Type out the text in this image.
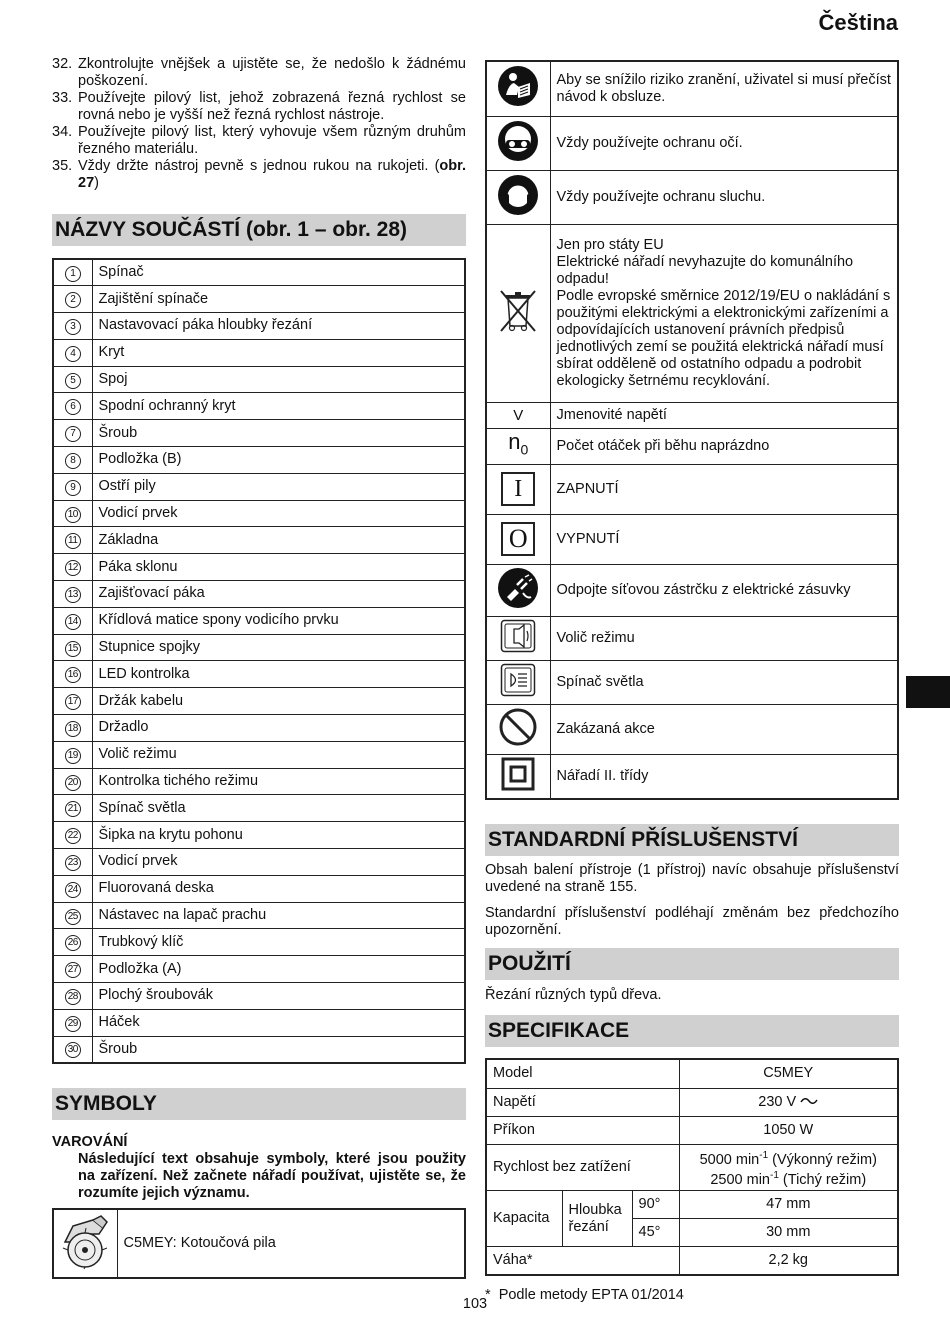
Čeština
32. Zkontrolujte vnějšek a ujistěte se, že nedošlo k žádnému poškození.
33. Používejte pilový list, jehož zobrazená řezná rychlost se rovná nebo je vyšší než řezná rychlost nástroje.
34. Používejte pilový list, který vyhovuje všem různým druhům řezného materiálu.
35. Vždy držte nástroj pevně s jednou rukou na rukojeti. (obr. 27)
NÁZVY SOUČÁSTÍ (obr. 1 – obr. 28)
1	Spínač
2	Zajištění spínače
3	Nastavovací páka hloubky řezání
4	Kryt
5	Spoj
6	Spodní ochranný kryt
7	Šroub
8	Podložka (B)
9	Ostří pily
10	Vodicí prvek
11	Základna
12	Páka sklonu
13	Zajišťovací páka
14	Křídlová matice spony vodicího prvku
15	Stupnice spojky
16	LED kontrolka
17	Držák kabelu
18	Držadlo
19	Volič režimu
20	Kontrolka tichého režimu
21	Spínač světla
22	Šipka na krytu pohonu
23	Vodicí prvek
24	Fluorovaná deska
25	Nástavec na lapač prachu
26	Trubkový klíč
27	Podložka (A)
28	Plochý šroubovák
29	Háček
30	Šroub
SYMBOLY
VAROVÁNÍ
Následující text obsahuje symboly, které jsou použity na zařízení. Než začnete nářadí používat, ujistěte se, že rozumíte jejich významu.
	C5MEY: Kotoučová pila
	Aby se snížilo riziko zranění, uživatel si musí přečíst návod k obsluze.
	Vždy používejte ochranu očí.
	Vždy používejte ochranu sluchu.
	Jen pro státy EU
Elektrické nářadí nevyhazujte do komunálního odpadu!
Podle evropské směrnice 2012/19/EU o nakládání s použitými elektrickými a elektronickými zařízeními a odpovídajících ustanovení právních předpisů jednotlivých zemí se použitá elektrická nářadí musí sbírat odděleně od ostatního odpadu a podrobit ekologicky šetrnému recyklování.
V	Jmenovité napětí
$n_0$	Počet otáček při běhu naprázdno
I	ZAPNUTÍ
O	VYPNUTÍ
	Odpojte síťovou zástrčku z elektrické zásuvky
	Volič režimu
	Spínač světla
	Zakázaná akce
	Nářadí II. třídy
STANDARDNÍ PŘÍSLUŠENSTVÍ

Obsah balení přístroje (1 přístroj) navíc obsahuje příslušenství uvedené na straně 155.

Standardní příslušenství podléhají změnám bez předchozího upozornění.

POUŽITÍ

Řezání různých typů dřeva.

SPECIFIKACE
Model			C5MEY
Napětí			230 V
Příkon			1050 W
Rychlost bez zatížení			5000 $\min^{-1}$ (Výkonný režim)
2500 $\min^{-1}$ (Tichý režim)

Kapacita	Hloubka řezání	90°	47 mm
		45°	30 mm
Váha*			2,2 kg

*  Podle metody EPTA 01/2014

103
